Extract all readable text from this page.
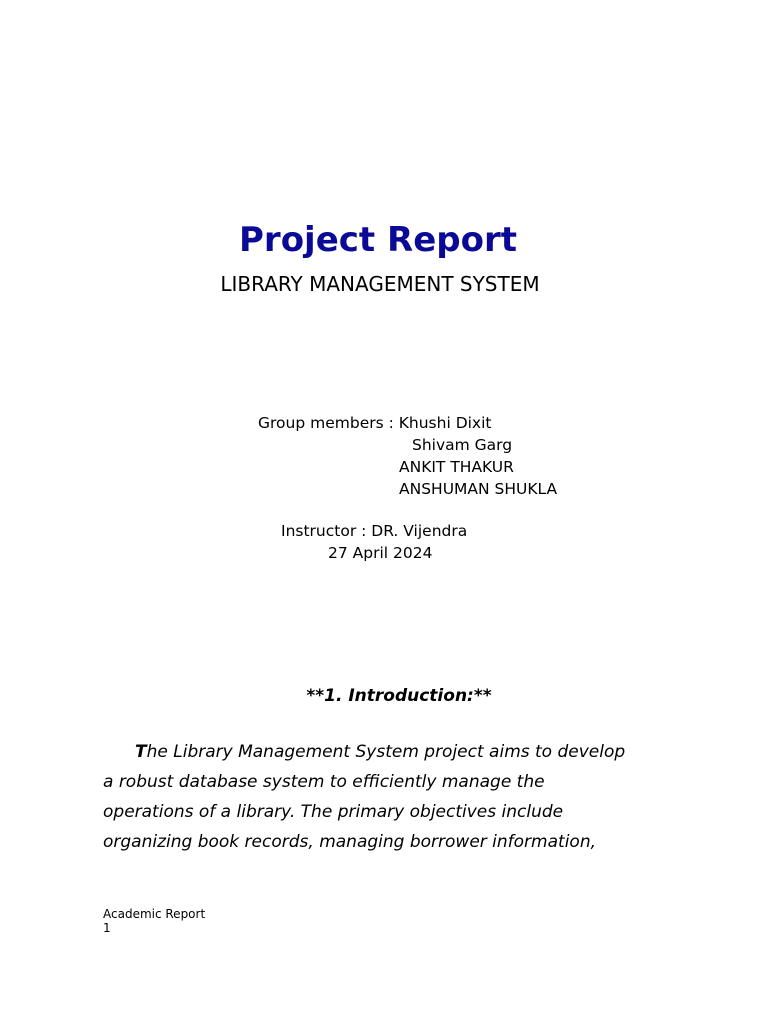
Project Report
LIBRARY MANAGEMENT SYSTEM
Group members : Khushi Dixit
Shivam Garg
ANKIT THAKUR
ANSHUMAN SHUKLA
Instructor : DR. Vijendra
27 April 2024
**1. Introduction:**
The Library Management System project aims to develop
a robust database system to efficiently manage the
operations of a library. The primary objectives include
organizing book records, managing borrower information,
Academic Report
1
